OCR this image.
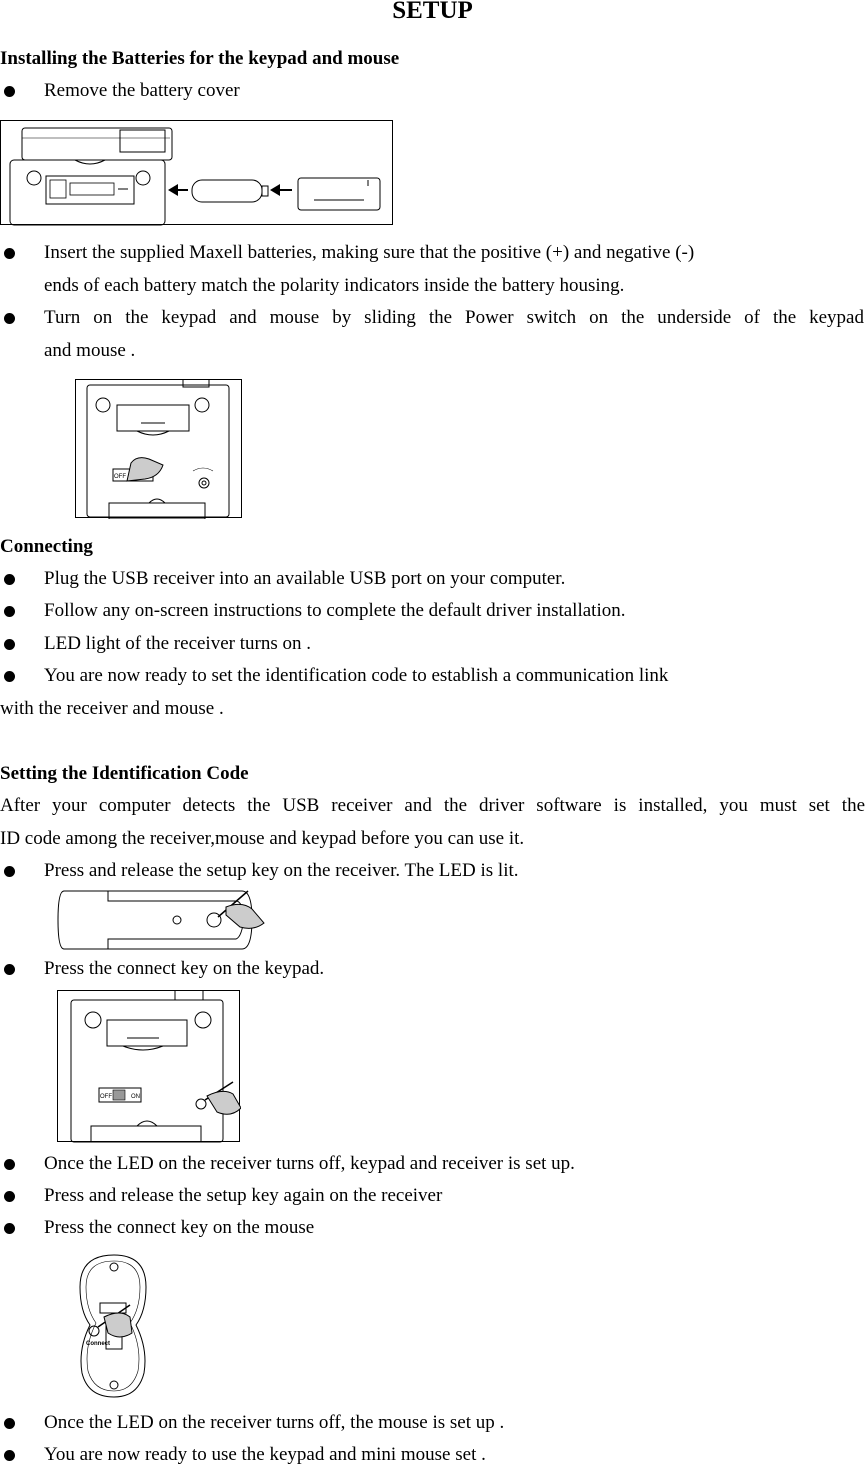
SETUP
Installing the Batteries for the keypad and mouse
Remove the battery cover
Insert the supplied Maxell batteries, making sure that the positive (+) and negative (-)
ends of each battery match the polarity indicators inside the battery housing.
Turn on the keypad and mouse by sliding the Power switch on the underside of the keypad
and mouse .
OFF
Connecting
Plug the USB receiver into an available USB port on your computer.
Follow any on-screen instructions to complete the default driver installation.
LED light of the receiver turns on .
You are now ready to set the identification code to establish a communication link
with the receiver and mouse .
Setting the Identification Code
After your computer detects the USB receiver and the driver software is installed, you must set the
ID code among the receiver,mouse and keypad before you can use it.
Press and release the setup key on the receiver. The LED is lit.
Press the connect key on the keypad.
OFF	ON
Once the LED on the receiver turns off, keypad and receiver is set up.
Press and release the setup key again on the receiver
Press the connect key on the mouse
Connect
Once the LED on the receiver turns off, the mouse is set up .
You are now ready to use the keypad and mini mouse set .
